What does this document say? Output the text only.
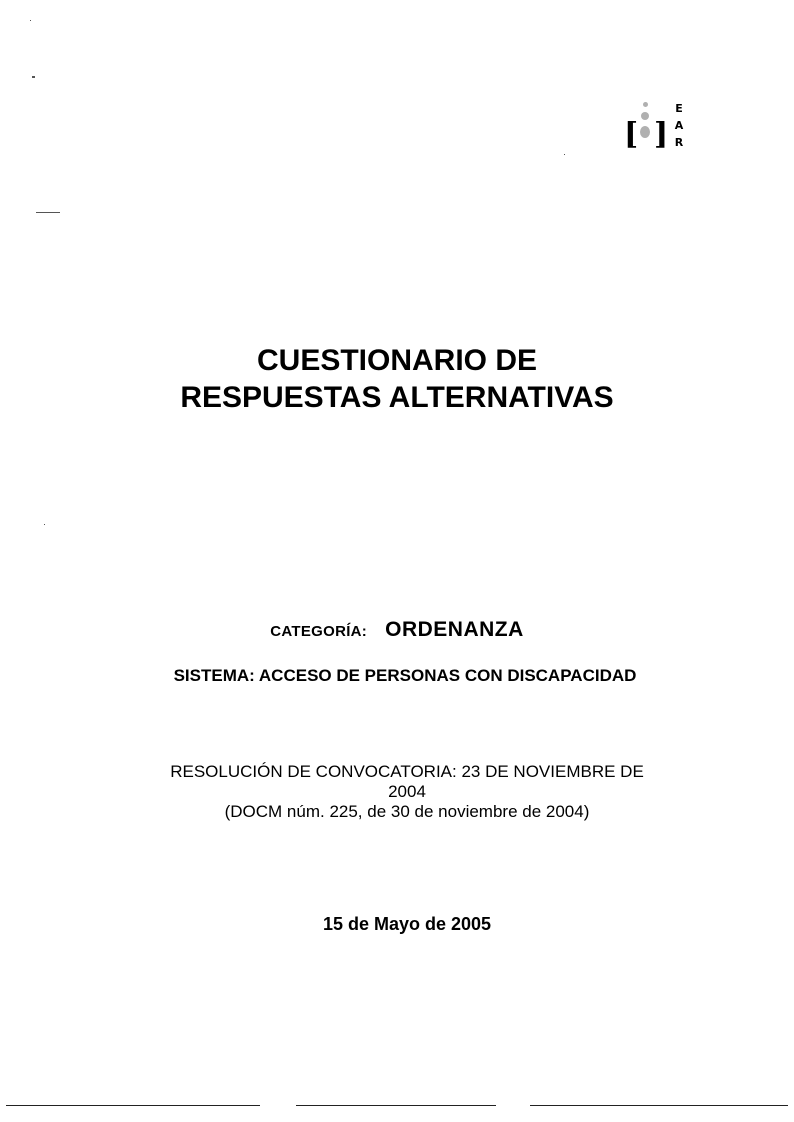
[ ]
E
A
R
CUESTIONARIO DE
RESPUESTAS ALTERNATIVAS
CATEGORÍA: ORDENANZA
SISTEMA: ACCESO DE PERSONAS CON DISCAPACIDAD
RESOLUCIÓN DE CONVOCATORIA: 23 DE NOVIEMBRE DE
2004
(DOCM núm. 225, de 30 de noviembre de 2004)
15 de Mayo de 2005
